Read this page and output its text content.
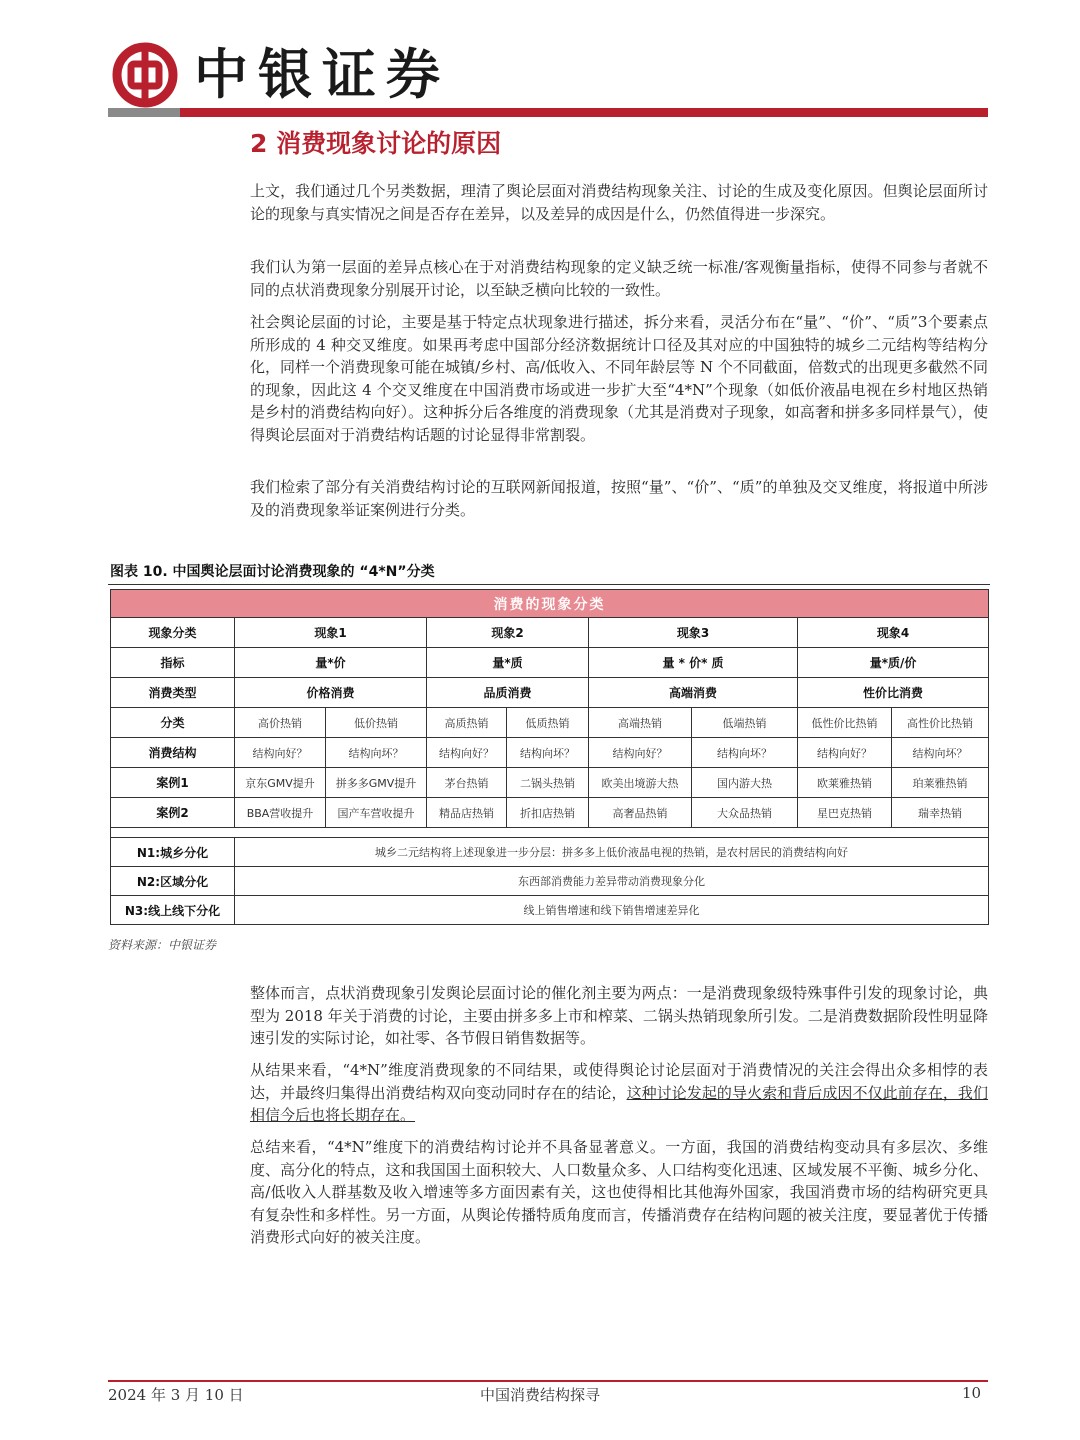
中银证券
2 消费现象讨论的原因

上文，我们通过几个另类数据，理清了舆论层面对消费结构现象关注、讨论的生成及变化原因。但舆论层面所讨论的现象与真实情况之间是否存在差异，以及差异的成因是什么，仍然值得进一步深究。

我们认为第一层面的差异点核心在于对消费结构现象的定义缺乏统一标准/客观衡量指标，使得不同参与者就不同的点状消费现象分别展开讨论，以至缺乏横向比较的一致性。

社会舆论层面的讨论，主要是基于特定点状现象进行描述，拆分来看，灵活分布在“量”、“价”、“质”3个要素点所形成的 4 种交叉维度。如果再考虑中国部分经济数据统计口径及其对应的中国独特的城乡二元结构等结构分化，同样一个消费现象可能在城镇/乡村、高/低收入、不同年龄层等 N 个不同截面，倍数式的出现更多截然不同的现象，因此这 4 个交叉维度在中国消费市场或进一步扩大至“4*N”个现象（如低价液晶电视在乡村地区热销是乡村的消费结构向好）。这种拆分后各维度的消费现象（尤其是消费对子现象，如高奢和拼多多同样景气），使得舆论层面对于消费结构话题的讨论显得非常割裂。

我们检索了部分有关消费结构讨论的互联网新闻报道，按照“量”、“价”、“质”的单独及交叉维度，将报道中所涉及的消费现象举证案例进行分类。

图表 10. 中国舆论层面讨论消费现象的 “4*N”分类
消费的现象分类								
现象分类	现象1		现象2		现象3		现象4	
指标	量*价		量*质		量 * 价* 质		量*质/价	
消费类型	价格消费		品质消费		高端消费		性价比消费	
分类	高价热销	低价热销	高质热销	低质热销	高端热销	低端热销	低性价比热销	高性价比热销
消费结构	结构向好？	结构向坏？	结构向好？	结构向坏？	结构向好？	结构向坏？	结构向好？	结构向坏？
案例1	京东GMV提升	拼多多GMV提升	茅台热销	二锅头热销	欧美出境游大热	国内游大热	欧莱雅热销	珀莱雅热销
案例2	BBA营收提升	国产车营收提升	精品店热销	折扣店热销	高奢品热销	大众品热销	星巴克热销	瑞幸热销

N1:城乡分化	城乡二元结构将上述现象进一步分层：拼多多上低价液晶电视的热销，是农村居民的消费结构向好							
N2:区域分化	东西部消费能力差异带动消费现象分化							
N3:线上线下分化	线上销售增速和线下销售增速差异化							
资料来源：中银证券

整体而言，点状消费现象引发舆论层面讨论的催化剂主要为两点：一是消费现象级特殊事件引发的现象讨论，典型为 2018 年关于消费的讨论，主要由拼多多上市和榨菜、二锅头热销现象所引发。二是消费数据阶段性明显降速引发的实际讨论，如社零、各节假日销售数据等。

从结果来看，“4*N”维度消费现象的不同结果，或使得舆论讨论层面对于消费情况的关注会得出众多相悖的表达，并最终归集得出消费结构双向变动同时存在的结论，这种讨论发起的导火索和背后成因不仅此前存在，我们相信今后也将长期存在。

总结来看，“4*N”维度下的消费结构讨论并不具备显著意义。一方面，我国的消费结构变动具有多层次、多维度、高分化的特点，这和我国国土面积较大、人口数量众多、人口结构变化迅速、区域发展不平衡、城乡分化、高/低收入人群基数及收入增速等多方面因素有关，这也使得相比其他海外国家，我国消费市场的结构研究更具有复杂性和多样性。另一方面，从舆论传播特质角度而言，传播消费存在结构问题的被关注度，要显著优于传播消费形式向好的被关注度。

2024 年 3 月 10 日	中国消费结构探寻	10
